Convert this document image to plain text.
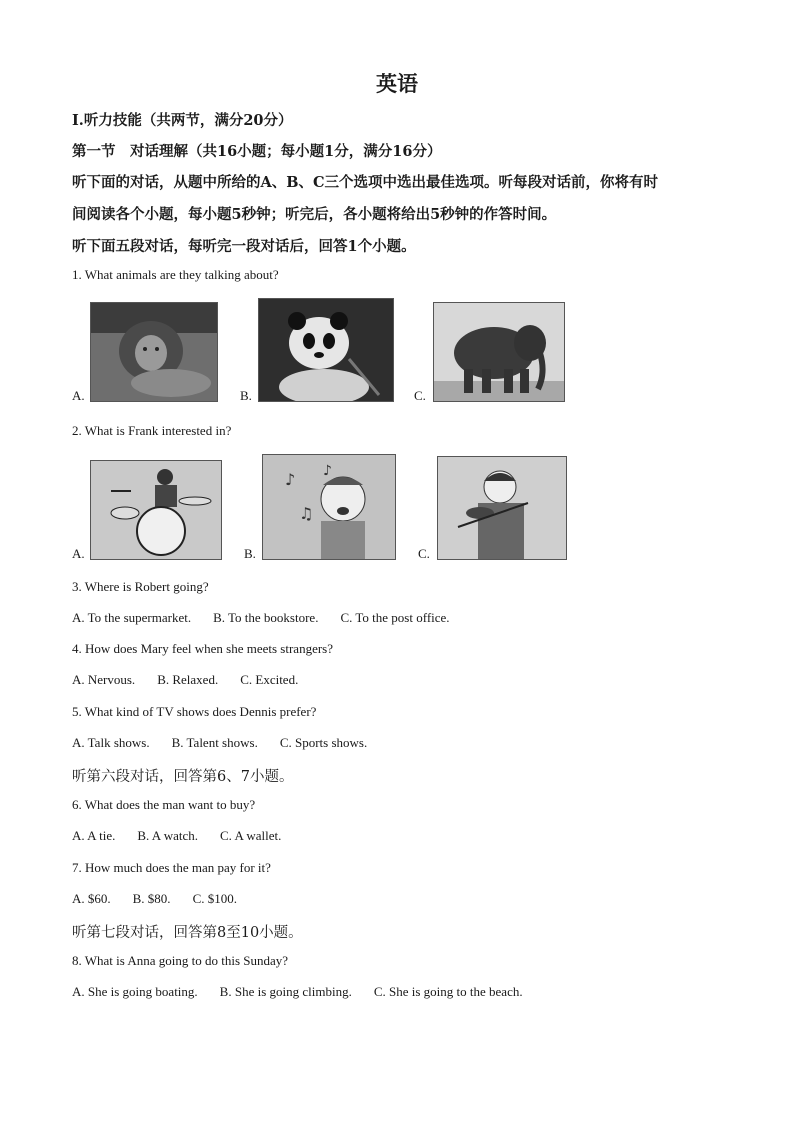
英语
Ⅰ.听力技能（共两节，满分20分）
第一节　对话理解（共16小题；每小题1分，满分16分）
听下面的对话，从题中所给的A、B、C三个选项中选出最佳选项。听每段对话前，你将有时
间阅读各个小题，每小题5秒钟；听完后，各小题将给出5秒钟的作答时间。
听下面五段对话，每听完一段对话后，回答1个小题。
1. What animals are they talking about?
A.	B.	C.
2. What is Frank interested in?
A.	B.
♪
♫
♪
C.
3. Where is Robert going?
A. To the supermarket. B. To the bookstore. C. To the post office.
4. How does Mary feel when she meets strangers?
A. Nervous. B. Relaxed. C. Excited.
5. What kind of TV shows does Dennis prefer?
A. Talk shows. B. Talent shows. C. Sports shows.
听第六段对话，回答第6、7小题。
6. What does the man want to buy?
A. A tie. B. A watch. C. A wallet.
7. How much does the man pay for it?
A. $60. B. $80. C. $100.
听第七段对话，回答第8至10小题。
8. What is Anna going to do this Sunday?
A. She is going boating. B. She is going climbing. C. She is going to the beach.
